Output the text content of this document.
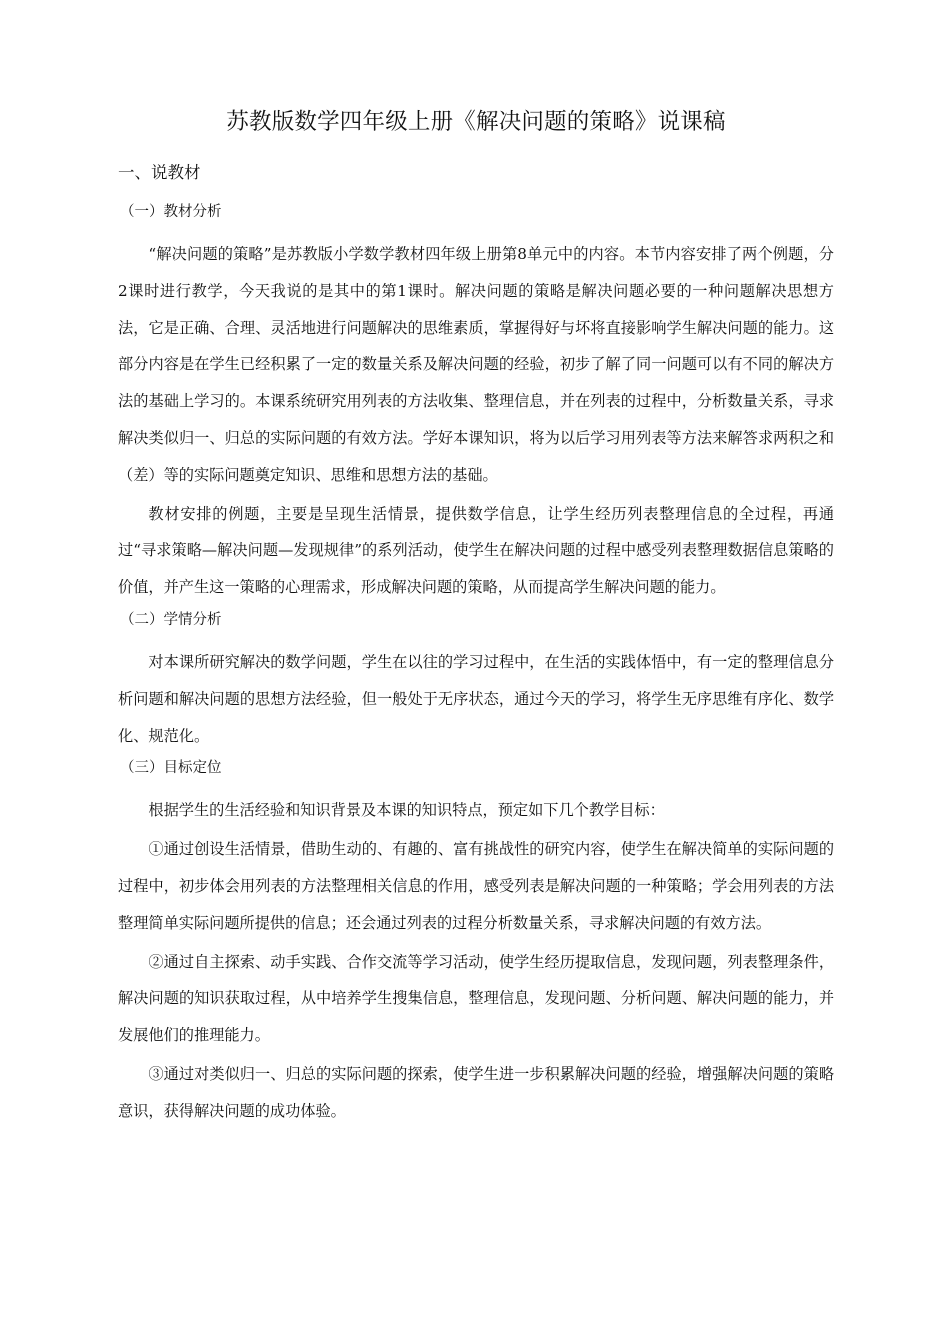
苏教版数学四年级上册《解决问题的策略》说课稿
一、说教材
（一）教材分析

“解决问题的策略”是苏教版小学数学教材四年级上册第8单元中的内容。本节内容安排了两个例题，分2课时进行教学，今天我说的是其中的第1课时。解决问题的策略是解决问题必要的一种问题解决思想方法，它是正确、合理、灵活地进行问题解决的思维素质，掌握得好与坏将直接影响学生解决问题的能力。这部分内容是在学生已经积累了一定的数量关系及解决问题的经验，初步了解了同一问题可以有不同的解决方法的基础上学习的。本课系统研究用列表的方法收集、整理信息，并在列表的过程中，分析数量关系，寻求解决类似归一、归总的实际问题的有效方法。学好本课知识，将为以后学习用列表等方法来解答求两积之和（差）等的实际问题奠定知识、思维和思想方法的基础。

教材安排的例题，主要是呈现生活情景，提供数学信息，让学生经历列表整理信息的全过程，再通过“寻求策略—解决问题—发现规律”的系列活动，使学生在解决问题的过程中感受列表整理数据信息策略的价值，并产生这一策略的心理需求，形成解决问题的策略，从而提高学生解决问题的能力。

（二）学情分析

对本课所研究解决的数学问题，学生在以往的学习过程中，在生活的实践体悟中，有一定的整理信息分析问题和解决问题的思想方法经验，但一般处于无序状态，通过今天的学习，将学生无序思维有序化、数学化、规范化。

（三）目标定位

根据学生的生活经验和知识背景及本课的知识特点，预定如下几个教学目标：

①通过创设生活情景，借助生动的、有趣的、富有挑战性的研究内容，使学生在解决简单的实际问题的过程中，初步体会用列表的方法整理相关信息的作用，感受列表是解决问题的一种策略；学会用列表的方法整理简单实际问题所提供的信息；还会通过列表的过程分析数量关系，寻求解决问题的有效方法。

②通过自主探索、动手实践、合作交流等学习活动，使学生经历提取信息，发现问题，列表整理条件，解决问题的知识获取过程，从中培养学生搜集信息，整理信息，发现问题、分析问题、解决问题的能力，并发展他们的推理能力。

③通过对类似归一、归总的实际问题的探索，使学生进一步积累解决问题的经验，增强解决问题的策略意识，获得解决问题的成功体验。
